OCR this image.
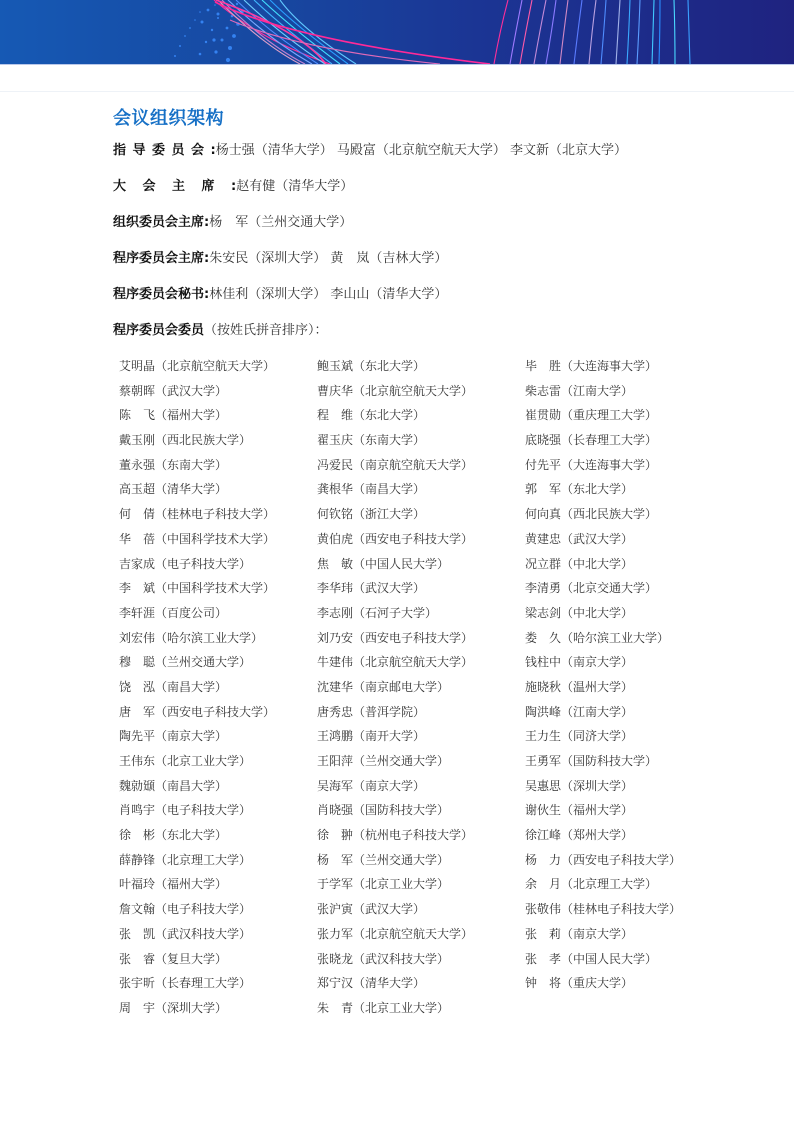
会议组织架构
指导委员会:杨士强（清华大学） 马殿富（北京航空航天大学） 李文新（北京大学）
大会主席:赵有健（清华大学）
组织委员会主席:杨　军（兰州交通大学）
程序委员会主席:朱安民（深圳大学） 黄　岚（吉林大学）
程序委员会秘书:林佳利（深圳大学） 李山山（清华大学）
程序委员会委员（按姓氏拼音排序）：
艾明晶（北京航空航天大学）	鲍玉斌（东北大学）	毕　胜（大连海事大学）
蔡朝晖（武汉大学）	曹庆华（北京航空航天大学）	柴志雷（江南大学）
陈　飞（福州大学）	程　维（东北大学）	崔贯勋（重庆理工大学）
戴玉刚（西北民族大学）	翟玉庆（东南大学）	底晓强（长春理工大学）
董永强（东南大学）	冯爱民（南京航空航天大学）	付先平（大连海事大学）
高玉超（清华大学）	龚根华（南昌大学）	郭　军（东北大学）
何　倩（桂林电子科技大学）	何钦铭（浙江大学）	何向真（西北民族大学）
华　蓓（中国科学技术大学）	黄伯虎（西安电子科技大学）	黄建忠（武汉大学）
吉家成（电子科技大学）	焦　敏（中国人民大学）	况立群（中北大学）
李　斌（中国科学技术大学）	李华玮（武汉大学）	李清勇（北京交通大学）
李轩涯（百度公司）	李志刚（石河子大学）	梁志剑（中北大学）
刘宏伟（哈尔滨工业大学）	刘乃安（西安电子科技大学）	娄　久（哈尔滨工业大学）
穆　聪（兰州交通大学）	牛建伟（北京航空航天大学）	钱柱中（南京大学）
饶　泓（南昌大学）	沈建华（南京邮电大学）	施晓秋（温州大学）
唐　军（西安电子科技大学）	唐秀忠（普洱学院）	陶洪峰（江南大学）
陶先平（南京大学）	王鸿鹏（南开大学）	王力生（同济大学）
王伟东（北京工业大学）	王阳萍（兰州交通大学）	王勇军（国防科技大学）
魏勍颋（南昌大学）	吴海军（南京大学）	吴惠思（深圳大学）
肖鸣宇（电子科技大学）	肖晓强（国防科技大学）	谢伙生（福州大学）
徐　彬（东北大学）	徐　翀（杭州电子科技大学）	徐江峰（郑州大学）
薛静锋（北京理工大学）	杨　军（兰州交通大学）	杨　力（西安电子科技大学）
叶福玲（福州大学）	于学军（北京工业大学）	余　月（北京理工大学）
詹文翰（电子科技大学）	张沪寅（武汉大学）	张敬伟（桂林电子科技大学）
张　凯（武汉科技大学）	张力军（北京航空航天大学）	张　莉（南京大学）
张　睿（复旦大学）	张晓龙（武汉科技大学）	张　孝（中国人民大学）
张宇昕（长春理工大学）	郑宁汉（清华大学）	钟　将（重庆大学）
周　宇（深圳大学）	朱　青（北京工业大学）
